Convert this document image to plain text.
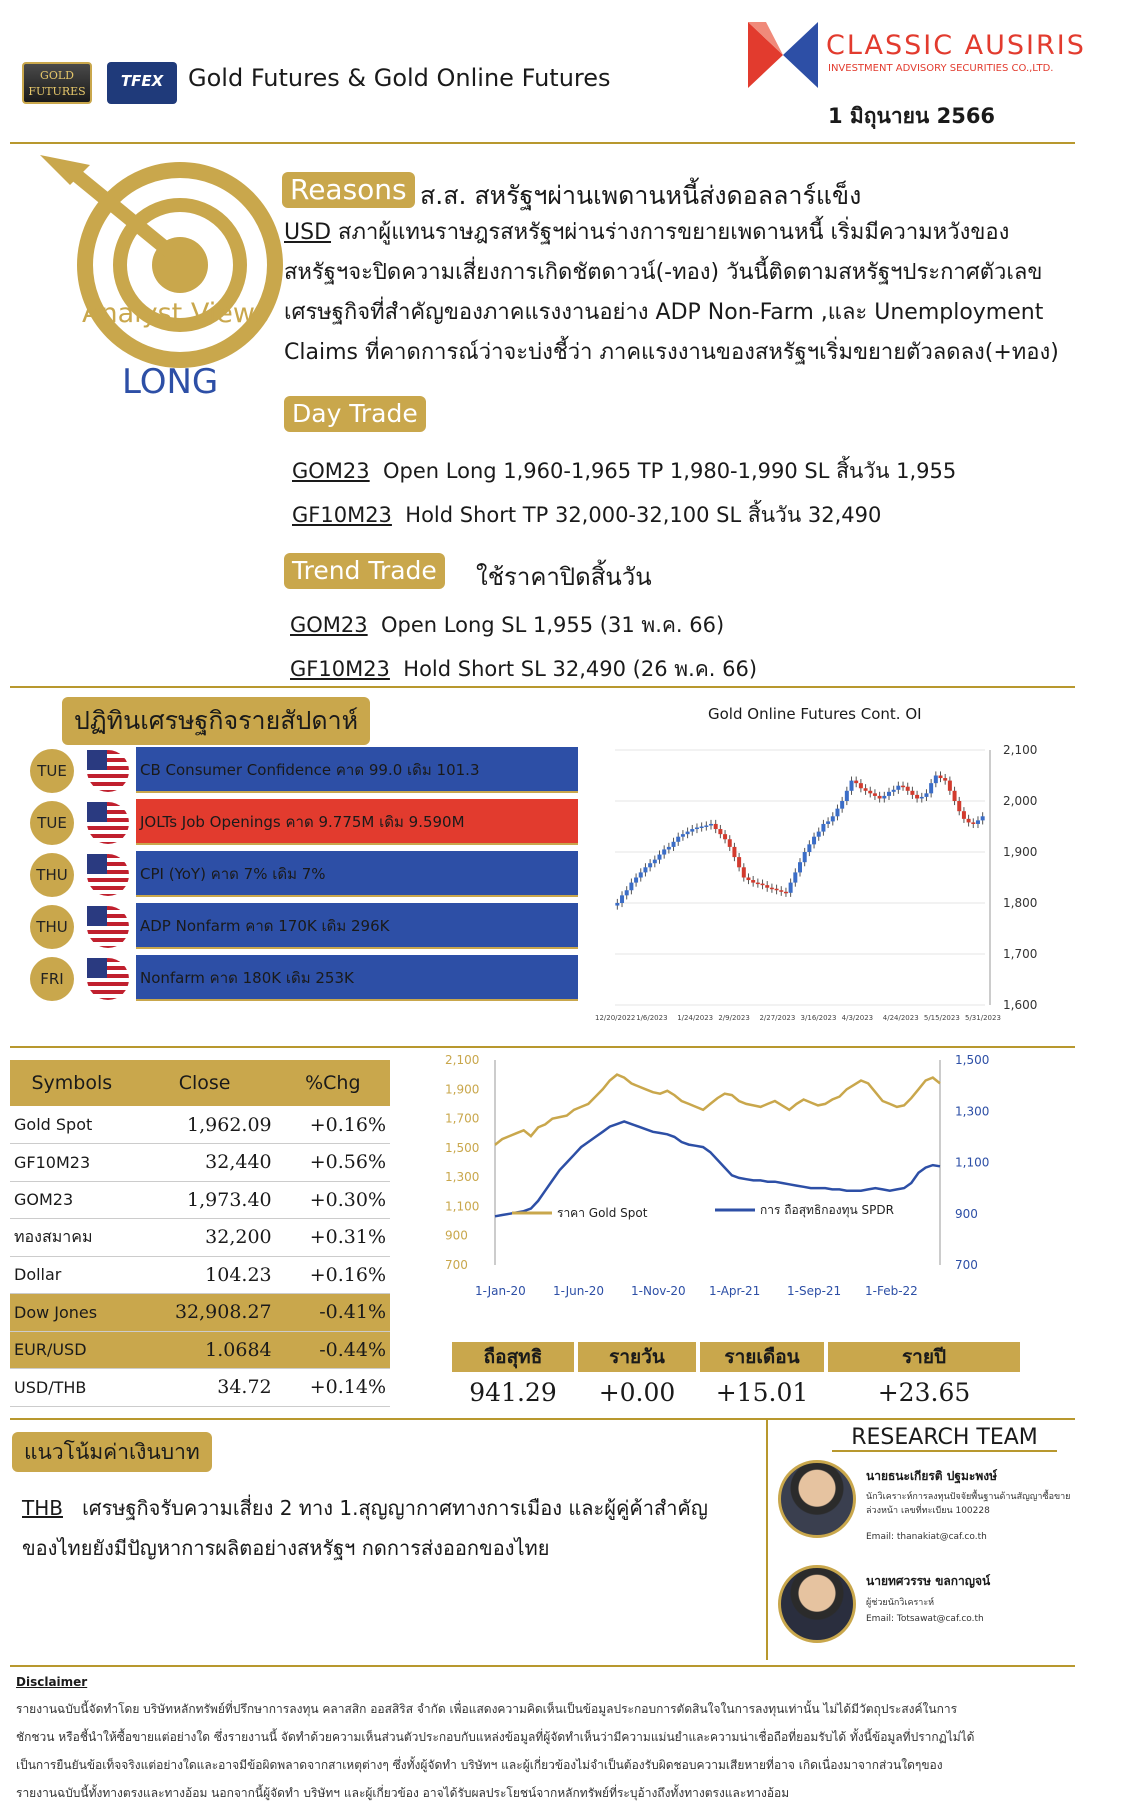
GOLD FUTURES
TFEX	Gold Futures & Gold Online Futures
CLASSIC AUSIRIS
INVESTMENT ADVISORY SECURITIES CO.,LTD.
1 มิถุนายน 2566
Analyst Views
LONG
Reasons ส.ส. สหรัฐฯผ่านเพดานหนี้ส่งดอลลาร์แข็ง
USD สภาผู้แทนราษฎรสหรัฐฯผ่านร่างการขยายเพดานหนี้ เริ่มมีความหวังของ
สหรัฐฯจะปิดความเสี่ยงการเกิดชัตดาวน์(-ทอง) วันนี้ติดตามสหรัฐฯประกาศตัวเลข
เศรษฐกิจที่สำคัญของภาคแรงงานอย่าง ADP Non-Farm ,และ Unemployment
Claims ที่คาดการณ์ว่าจะบ่งชี้ว่า ภาคแรงงานของสหรัฐฯเริ่มขยายตัวลดลง(+ทอง)
Day Trade
GOM23 Open Long 1,960-1,965 TP 1,980-1,990 SL สิ้นวัน 1,955
GF10M23 Hold Short TP 32,000-32,100 SL สิ้นวัน 32,490
Trend Trade	ใช้ราคาปิดสิ้นวัน
GOM23 Open Long SL 1,955 (31 พ.ค. 66)
GF10M23 Hold Short SL 32,490 (26 พ.ค. 66)
ปฏิทินเศรษฐกิจรายสัปดาห์
TUE	CB Consumer Confidence คาด 99.0 เดิม 101.3
TUE	JOLTs Job Openings คาด 9.775M เดิม 9.590M
THU	CPI (YoY) คาด 7% เดิม 7%
THU	ADP Nonfarm คาด 170K เดิม 296K
FRI	Nonfarm คาด 180K เดิม 253K
Gold Online Futures Cont. OI
2,100
2,000
1,900
1,800
1,700
1,600
12/20/2022 1/6/2023 1/24/2023 2/9/2023 2/27/2023 3/16/2023 4/3/2023 4/24/2023 5/15/2023 5/31/2023
Symbols	Close	%Chg
Gold Spot	1,962.09	+0.16%
GF10M23	32,440	+0.56%
GOM23	1,973.40	+0.30%
ทองสมาคม	32,200	+0.31%
Dollar	104.23	+0.16%
Dow Jones	32,908.27	-0.41%
EUR/USD	1.0684	-0.44%
USD/THB	34.72	+0.14%
2,100
1,900
1,700
1,500
1,300
1,100
900
700
1,500
1,300
1,100
900
700
ราคา Gold Spot	การ ถือสุทธิกองทุน SPDR
1-Jan-20 1-Jun-20 1-Nov-20 1-Apr-21 1-Sep-21 1-Feb-22
ถือสุทธิ
941.29
รายวัน
+0.00
รายเดือน
+15.01
รายปี
+23.65
แนวโน้มค่าเงินบาท
THB เศรษฐกิจรับความเสี่ยง 2 ทาง 1.สุญญากาศทางการเมือง และผู้คู่ค้าสำคัญ
ของไทยยังมีปัญหาการผลิตอย่างสหรัฐฯ กดการส่งออกของไทย
RESEARCH TEAM
นายธนะเกียรติ ปฐมะพงษ์
นักวิเคราะห์การลงทุนปัจจัยพื้นฐานด้านสัญญาซื้อขายล่วงหน้า เลขที่ทะเบียน 100228
Email: thanakiat@caf.co.th
นายทศวรรษ ขลกาญจน์
ผู้ช่วยนักวิเคราะห์
Email: Totsawat@caf.co.th
Disclaimer
รายงานฉบับนี้จัดทำโดย บริษัทหลักทรัพย์ที่ปรึกษาการลงทุน คลาสสิก ออสสิริส จำกัด เพื่อแสดงความคิดเห็นเป็นข้อมูลประกอบการตัดสินใจในการลงทุนเท่านั้น ไม่ได้มีวัตถุประสงค์ในการ
ชักชวน หรือชี้นำให้ซื้อขายแต่อย่างใด ซึ่งรายงานนี้ จัดทำด้วยความเห็นส่วนตัวประกอบกับแหล่งข้อมูลที่ผู้จัดทำเห็นว่ามีความแม่นยำและความน่าเชื่อถือที่ยอมรับได้ ทั้งนี้ข้อมูลที่ปรากฏไม่ได้
เป็นการยืนยันข้อเท็จจริงแต่อย่างใดและอาจมีข้อผิดพลาดจากสาเหตุต่างๆ ซึ่งทั้งผู้จัดทำ บริษัทฯ และผู้เกี่ยวข้องไม่จำเป็นต้องรับผิดชอบความเสียหายที่อาจ เกิดเนื่องมาจากส่วนใดๆของ
รายงานฉบับนี้ทั้งทางตรงและทางอ้อม นอกจากนี้ผู้จัดทำ บริษัทฯ และผู้เกี่ยวข้อง อาจได้รับผลประโยชน์จากหลักทรัพย์ที่ระบุอ้างถึงทั้งทางตรงและทางอ้อม
